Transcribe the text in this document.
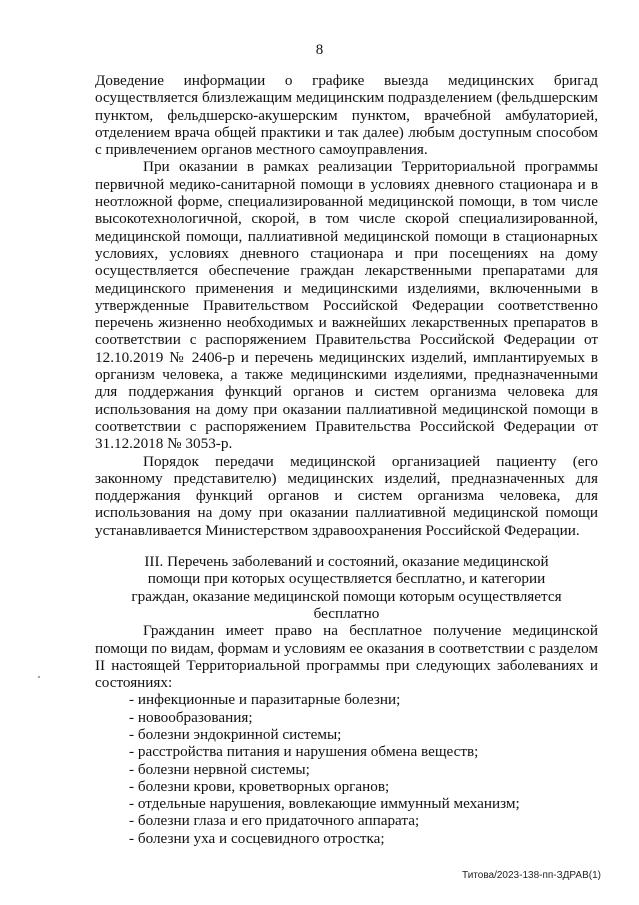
8

Доведение информации о графике выезда медицинских бригад осуществляется близлежащим медицинским подразделением (фельдшерским пунктом, фельдшерско-акушерским пунктом, врачебной амбулаторией, отделением врача общей практики и так далее) любым доступным способом с привлечением органов местного самоуправления.

При оказании в рамках реализации Территориальной программы первичной медико-санитарной помощи в условиях дневного стационара и в неотложной форме, специализированной медицинской помощи, в том числе высокотехнологичной, скорой, в том числе скорой специализированной, медицинской помощи, паллиативной медицинской помощи в стационарных условиях, условиях дневного стационара и при посещениях на дому осуществляется обеспечение граждан лекарственными препаратами для медицинского применения и медицинскими изделиями, включенными в утвержденные Правительством Российской Федерации соответственно перечень жизненно необходимых и важнейших лекарственных препаратов в соответствии с распоряжением Правительства Российской Федерации от 12.10.2019 № 2406-р и перечень медицинских изделий, имплантируемых в организм человека, а также медицинскими изделиями, предназначенными для поддержания функций органов и систем организма человека для использования на дому при оказании паллиативной медицинской помощи в соответствии с распоряжением Правительства Российской Федерации от 31.12.2018 № 3053-р.

Порядок передачи медицинской организацией пациенту (его законному представителю) медицинских изделий, предназначенных для поддержания функций органов и систем организма человека, для использования на дому при оказании паллиативной медицинской помощи устанавливается Министерством здравоохранения Российской Федерации.

III. Перечень заболеваний и состояний, оказание медицинской
помощи при которых осуществляется бесплатно, и категории
граждан, оказание медицинской помощи которым осуществляется
бесплатно

Гражданин имеет право на бесплатное получение медицинской помощи по видам, формам и условиям ее оказания в соответствии с разделом II настоящей Территориальной программы при следующих заболеваниях и состояниях:

- инфекционные и паразитарные болезни;
- новообразования;
- болезни эндокринной системы;
- расстройства питания и нарушения обмена веществ;
- болезни нервной системы;
- болезни крови, кроветворных органов;
- отдельные нарушения, вовлекающие иммунный механизм;
- болезни глаза и его придаточного аппарата;
- болезни уха и сосцевидного отростка;
Титова/2023-138-пп-ЗДРАВ(1)
